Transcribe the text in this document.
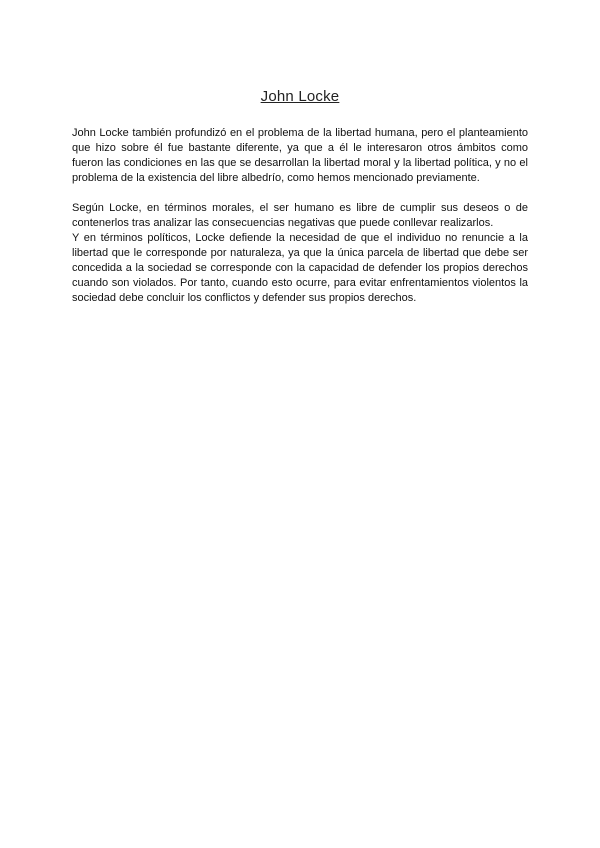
John Locke

John Locke también profundizó en el problema de la libertad humana, pero el planteamiento que hizo sobre él fue bastante diferente, ya que a él le interesaron otros ámbitos como fueron las condiciones en las que se desarrollan la libertad moral y la libertad política, y no el problema de la existencia del libre albedrío, como hemos mencionado previamente.

Según Locke, en términos morales, el ser humano es libre de cumplir sus deseos o de contenerlos tras analizar las consecuencias negativas que puede conllevar realizarlos.

Y en términos políticos, Locke defiende la necesidad de que el individuo no renuncie a la libertad que le corresponde por naturaleza, ya que la única parcela de libertad que debe ser concedida a la sociedad se corresponde con la capacidad de defender los propios derechos cuando son violados. Por tanto, cuando esto ocurre, para evitar enfrentamientos violentos la sociedad debe concluir los conflictos y defender sus propios derechos.
